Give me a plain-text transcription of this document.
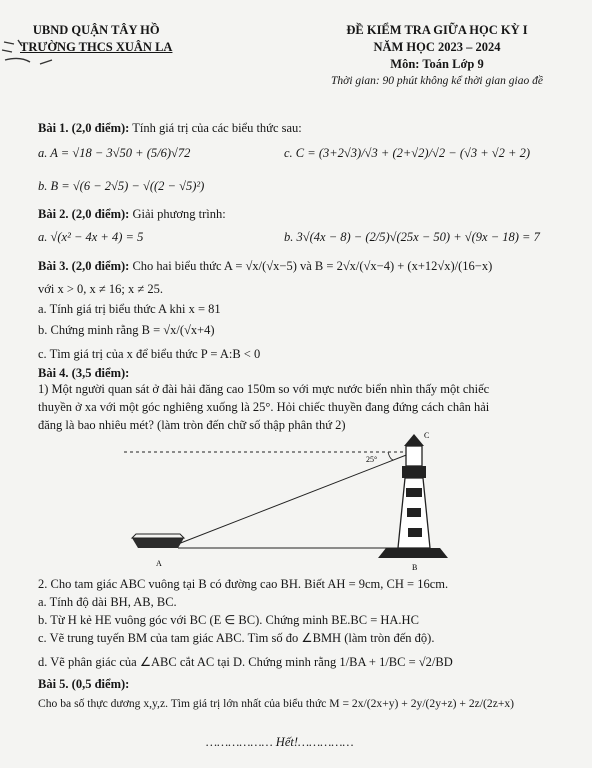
UBND QUẬN TÂY HỒ
TRƯỜNG THCS XUÂN LA
ĐỀ KIỂM TRA GIỮA HỌC KỲ I
NĂM HỌC 2023 – 2024
Môn: Toán Lớp 9
Thời gian: 90 phút không kể thời gian giao đề
Bài 1. (2,0 điểm): Tính giá trị của các biểu thức sau:
a. A = √18 − 3√50 + (5/6)√72	c. C = (3+2√3)/√3 + (2+√2)/√2 − (√3 + √2 + 2)
b. B = √(6 − 2√5) − √((2 − √5)²)
Bài 2. (2,0 điểm): Giải phương trình:
a. √(x² − 4x + 4) = 5	b. 3√(4x − 8) − (2/5)√(25x − 50) + √(9x − 18) = 7
Bài 3. (2,0 điểm): Cho hai biểu thức A = √x/(√x−5) và B = 2√x/(√x−4) + (x+12√x)/(16−x)
với x > 0, x ≠ 16; x ≠ 25.
a. Tính giá trị biểu thức A khi x = 81
b. Chứng minh rằng B = √x/(√x+4)
c. Tìm giá trị của x để biểu thức P = A:B < 0
Bài 4. (3,5 điểm):
1) Một người quan sát ở đài hải đăng cao 150m so với mực nước biển nhìn thấy một chiếc
thuyền ở xa với một góc nghiêng xuống là 25°. Hỏi chiếc thuyền đang đứng cách chân hải
đăng là bao nhiêu mét? (làm tròn đến chữ số thập phân thứ 2)
25°
C
A	B
2. Cho tam giác ABC vuông tại B có đường cao BH. Biết AH = 9cm, CH = 16cm.
a. Tính độ dài BH, AB, BC.
b. Từ H kẻ HE vuông góc với BC (E ∈ BC). Chứng minh BE.BC = HA.HC
c. Vẽ trung tuyến BM của tam giác ABC. Tìm số đo ∠BMH (làm tròn đến độ).
d. Vẽ phân giác của ∠ABC cắt AC tại D. Chứng minh rằng 1/BA + 1/BC = √2/BD
Bài 5. (0,5 điểm):
Cho ba số thực dương x,y,z. Tìm giá trị lớn nhất của biểu thức M = 2x/(2x+y) + 2y/(2y+z) + 2z/(2z+x)
……………… Hết!……………
